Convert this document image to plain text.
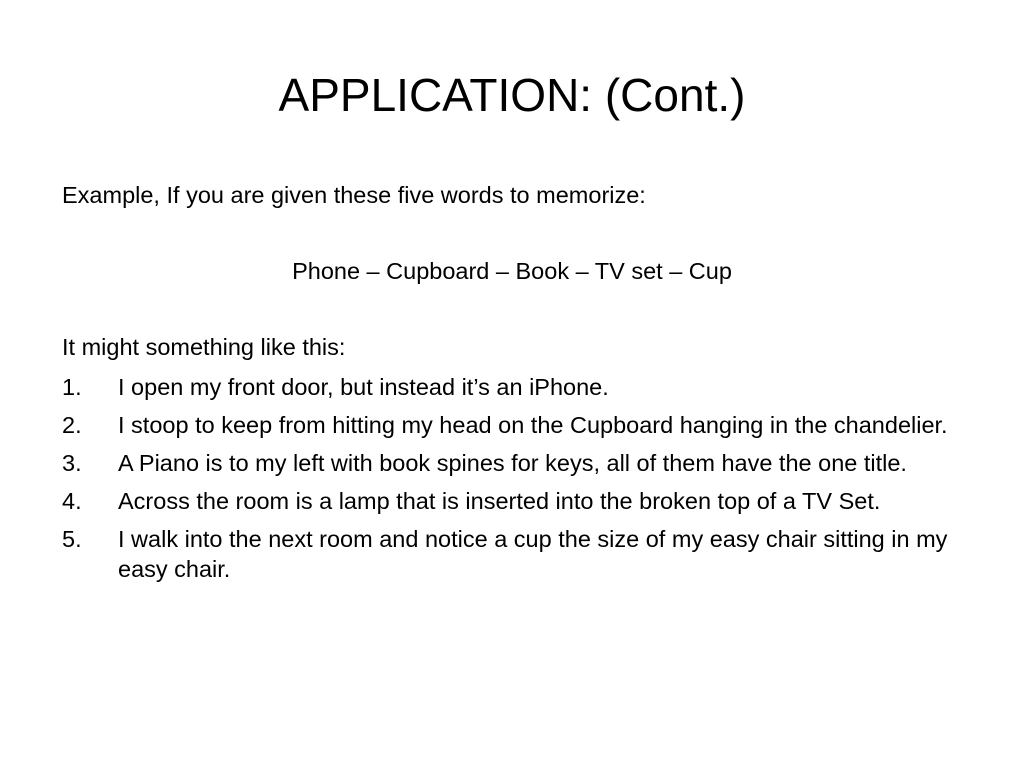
APPLICATION: (Cont.)

Example, If you are given these five words to memorize:

Phone – Cupboard – Book – TV set – Cup

It might something like this:

1.	I open my front door, but instead it’s an iPhone.
2.	I stoop to keep from hitting my head on the Cupboard hanging in the chandelier.
3.	A Piano is to my left with book spines for keys, all of them have the one title.
4.	Across the room is a lamp that is inserted into the broken top of a TV Set.
5.	I walk into the next room and notice a cup the size of my easy chair sitting in my easy chair.
